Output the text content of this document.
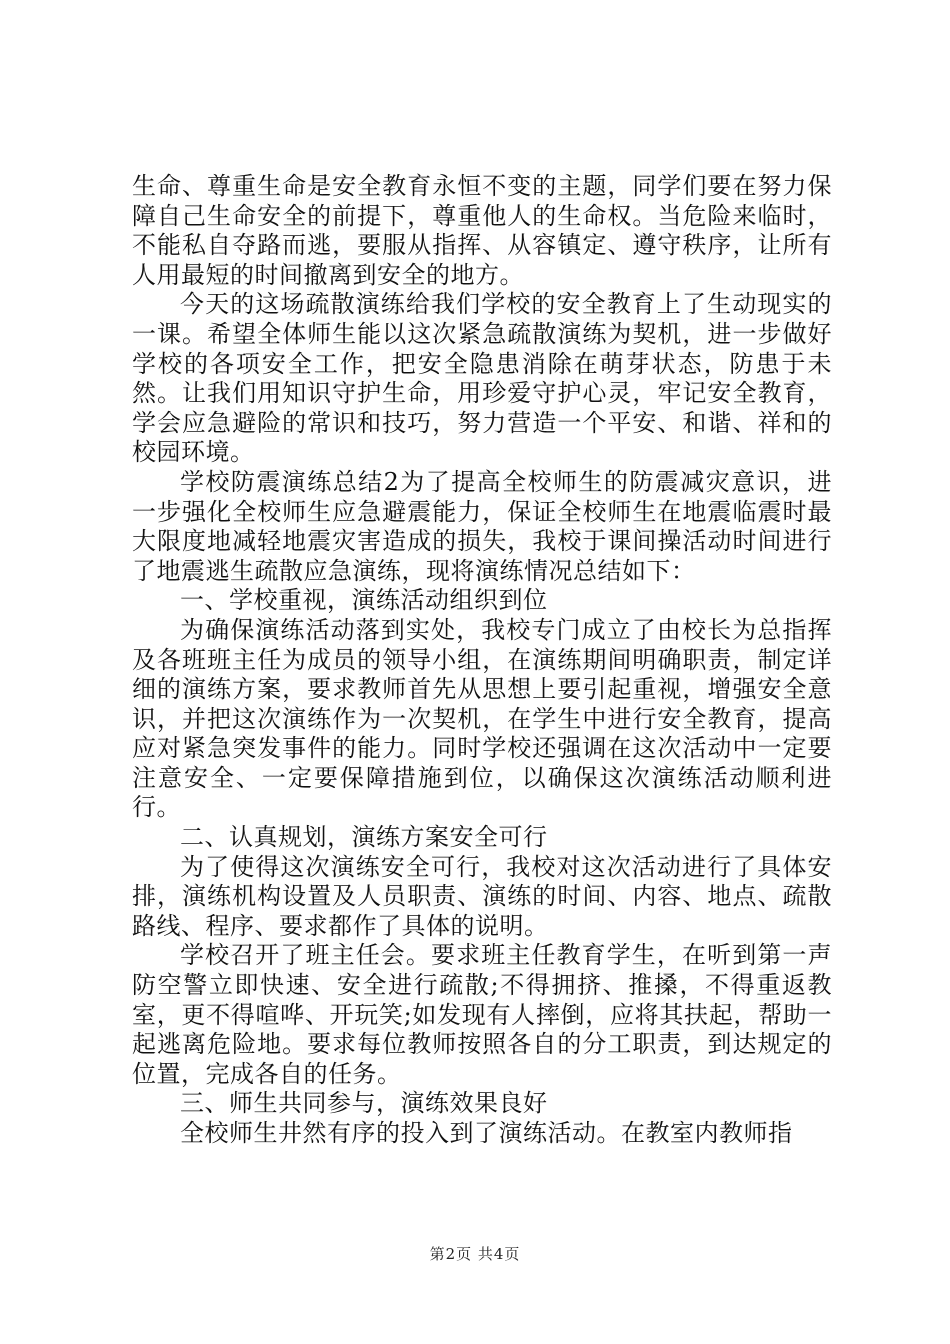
生命、尊重生命是安全教育永恒不变的主题，同学们要在努力保障自己生命安全的前提下，尊重他人的生命权。当危险来临时，不能私自夺路而逃，要服从指挥、从容镇定、遵守秩序，让所有人用最短的时间撤离到安全的地方。

今天的这场疏散演练给我们学校的安全教育上了生动现实的一课。希望全体师生能以这次紧急疏散演练为契机，进一步做好学校的各项安全工作，把安全隐患消除在萌芽状态，防患于未然。让我们用知识守护生命，用珍爱守护心灵，牢记安全教育，学会应急避险的常识和技巧，努力营造一个平安、和谐、祥和的校园环境。

学校防震演练总结2为了提高全校师生的防震减灾意识，进一步强化全校师生应急避震能力，保证全校师生在地震临震时最大限度地减轻地震灾害造成的损失，我校于课间操活动时间进行了地震逃生疏散应急演练，现将演练情况总结如下：

一、学校重视，演练活动组织到位

为确保演练活动落到实处，我校专门成立了由校长为总指挥及各班班主任为成员的领导小组，在演练期间明确职责，制定详细的演练方案，要求教师首先从思想上要引起重视，增强安全意识，并把这次演练作为一次契机，在学生中进行安全教育，提高应对紧急突发事件的能力。同时学校还强调在这次活动中一定要注意安全、一定要保障措施到位，以确保这次演练活动顺利进行。

二、认真规划，演练方案安全可行

为了使得这次演练安全可行，我校对这次活动进行了具体安排，演练机构设置及人员职责、演练的时间、内容、地点、疏散路线、程序、要求都作了具体的说明。

学校召开了班主任会。要求班主任教育学生，在听到第一声防空警立即快速、安全进行疏散;不得拥挤、推搡，不得重返教室，更不得喧哗、开玩笑;如发现有人摔倒，应将其扶起，帮助一起逃离危险地。要求每位教师按照各自的分工职责，到达规定的位置，完成各自的任务。

三、师生共同参与，演练效果良好

全校师生井然有序的投入到了演练活动。在教室内教师指

第2页 共4页
